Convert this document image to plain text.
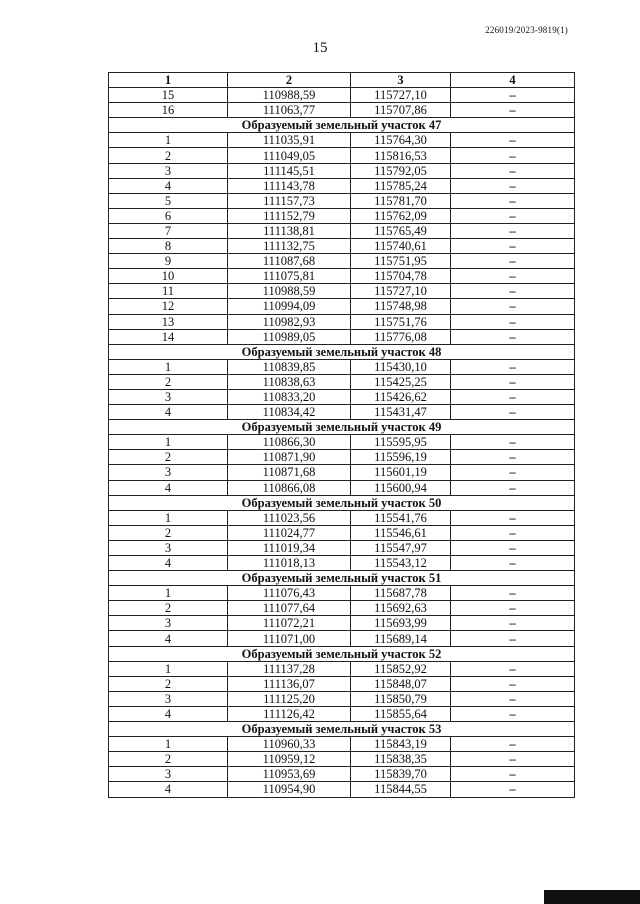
226019/2023-9819(1)
15
1	2	3	4
15	110988,59	115727,10	–
16	111063,77	115707,86	–
Образуемый земельный участок 47			
1	111035,91	115764,30	–
2	111049,05	115816,53	–
3	111145,51	115792,05	–
4	111143,78	115785,24	–
5	111157,73	115781,70	–
6	111152,79	115762,09	–
7	111138,81	115765,49	–
8	111132,75	115740,61	–
9	111087,68	115751,95	–
10	111075,81	115704,78	–
11	110988,59	115727,10	–
12	110994,09	115748,98	–
13	110982,93	115751,76	–
14	110989,05	115776,08	–
Образуемый земельный участок 48			
1	110839,85	115430,10	–
2	110838,63	115425,25	–
3	110833,20	115426,62	–
4	110834,42	115431,47	–
Образуемый земельный участок 49			
1	110866,30	115595,95	–
2	110871,90	115596,19	–
3	110871,68	115601,19	–
4	110866,08	115600,94	–
Образуемый земельный участок 50			
1	111023,56	115541,76	–
2	111024,77	115546,61	–
3	111019,34	115547,97	–
4	111018,13	115543,12	–
Образуемый земельный участок 51			
1	111076,43	115687,78	–
2	111077,64	115692,63	–
3	111072,21	115693,99	–
4	111071,00	115689,14	–
Образуемый земельный участок 52			
1	111137,28	115852,92	–
2	111136,07	115848,07	–
3	111125,20	115850,79	–
4	111126,42	115855,64	–
Образуемый земельный участок 53			
1	110960,33	115843,19	–
2	110959,12	115838,35	–
3	110953,69	115839,70	–
4	110954,90	115844,55	–
